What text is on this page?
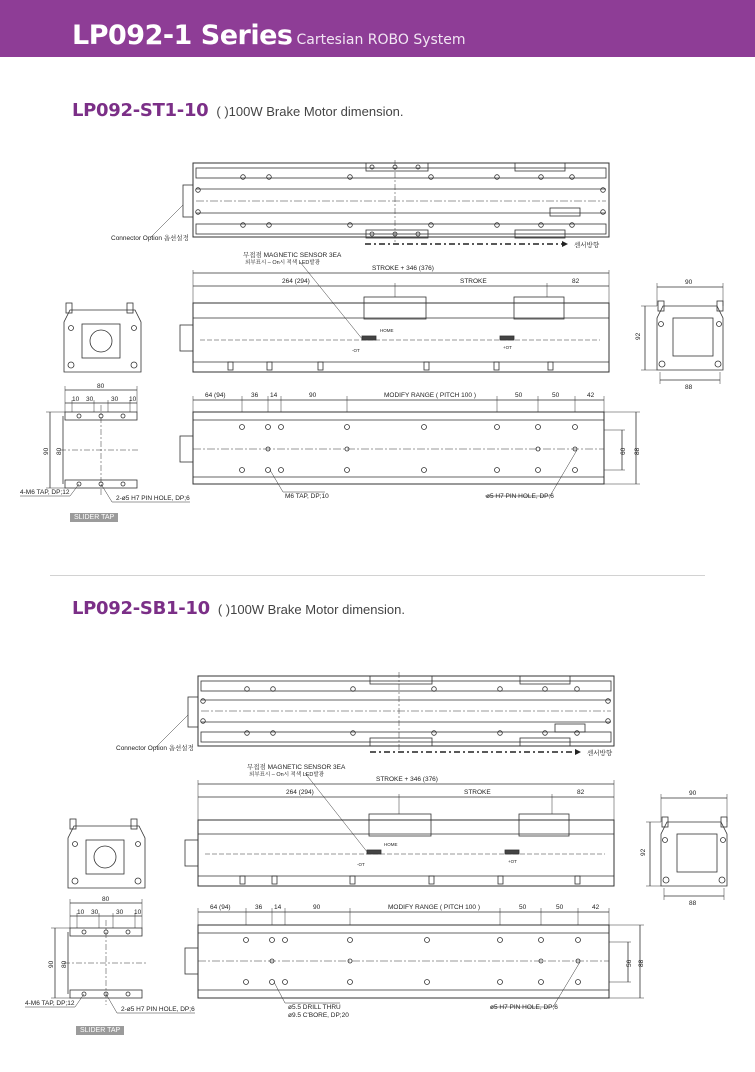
LP092-1 Series Cartesian ROBO System
LP092-ST1-10 ( )100W Brake Motor dimension.
Connector Option 옵션설정
센서방향
무접점 MAGNETIC SENSOR 3EA
외부표시 – On시 적색 LED발광
STROKE + 346 (376)
264 (294)	STROKE	82
HOME
-OT
+OT
90
92
88
64 (94)	36 14	90	MODIFY RANGE ( PITCH 100 )	50	50	42
60 88
M6 TAP, DP;10	ø5 H7 PIN HOLE, DP;6
80
10 30	30 10
90 80
4-M6 TAP, DP;12
2-ø5 H7 PIN HOLE, DP;6
SLIDER TAP
LP092-SB1-10 ( )100W Brake Motor dimension.
Connector Option 옵션설정
센서방향
무접점 MAGNETIC SENSOR 3EA
외부표시 – On시 적색 LED발광
STROKE + 346 (376)
264 (294)	STROKE	82
HOME
-OT
+OT
90
92
88
64 (94)	36 14	90	MODIFY RANGE ( PITCH 100 )	50	50	42
56 88
ø5.5 DRILL THRU
ø9.5 C'BORE, DP;20
ø5 H7 PIN HOLE, DP;6
80
10 30	30 10
90 80
4-M6 TAP, DP;12
2-ø5 H7 PIN HOLE, DP;6
SLIDER TAP
